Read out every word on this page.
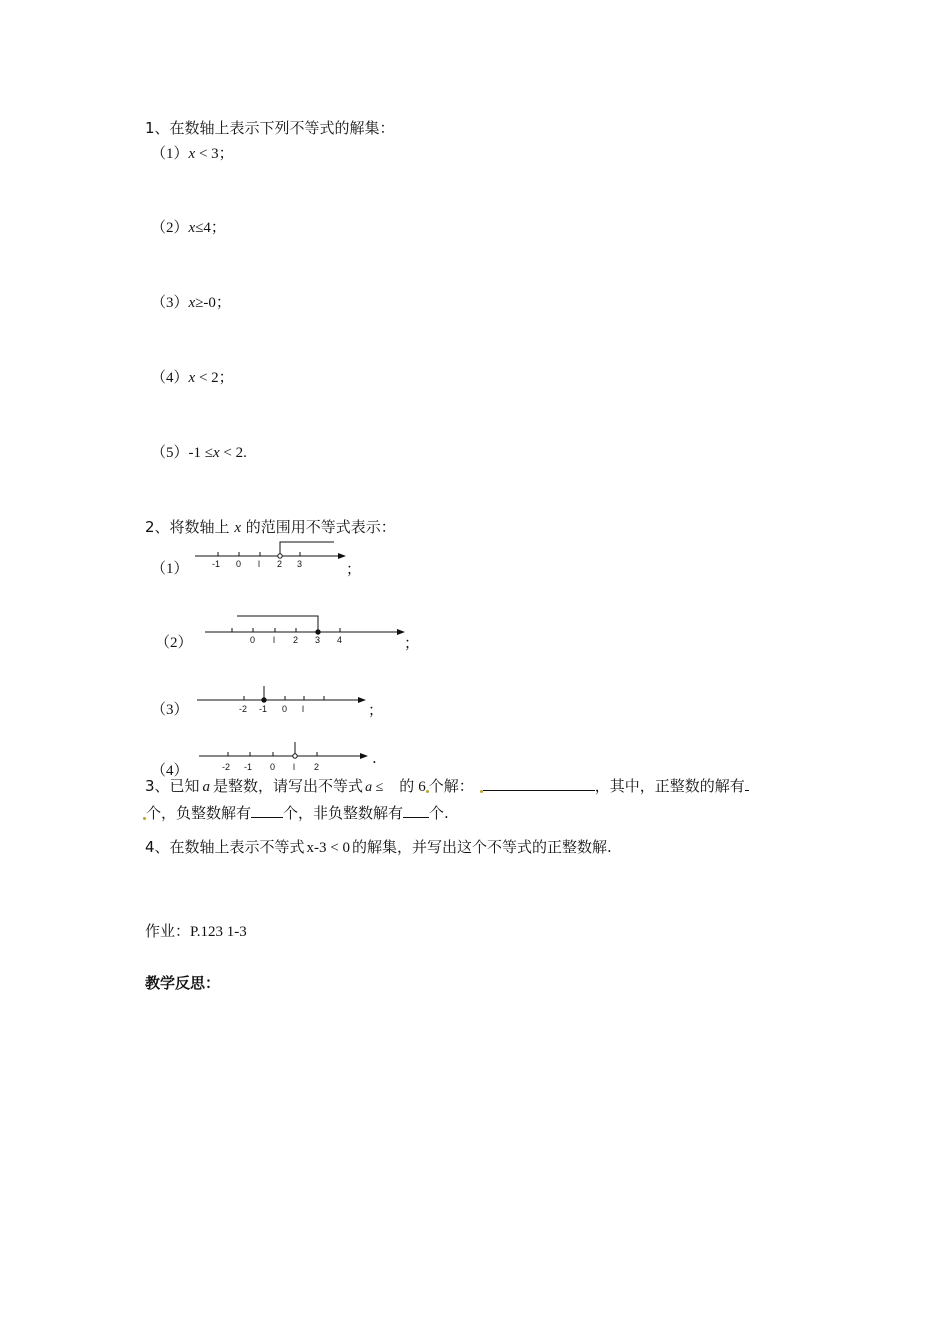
1、在数轴上表示下列不等式的解集：
（1）x < 3；
（2）x≤4；
（3）x≥-0；
（4）x < 2；
（5）-1 ≤x < 2.
2、将数轴上 x 的范围用不等式表示：
（1）	-1 0 l 2 3	；
（2）	0 l 2 3 4	；
（3）	-2 -1 0 l	；
（4）	-2 -1 0 l 2	.
3、已知 a 是整数，请写出不等式 a ≤ 的 6 个解：	，其中，正整数的解有
个，负整数解有 个，非负整数解有 个.
4、在数轴上表示不等式 x-3 < 0 的解集，并写出这个不等式的正整数解.
作业：P.123 1-3
教学反思：
